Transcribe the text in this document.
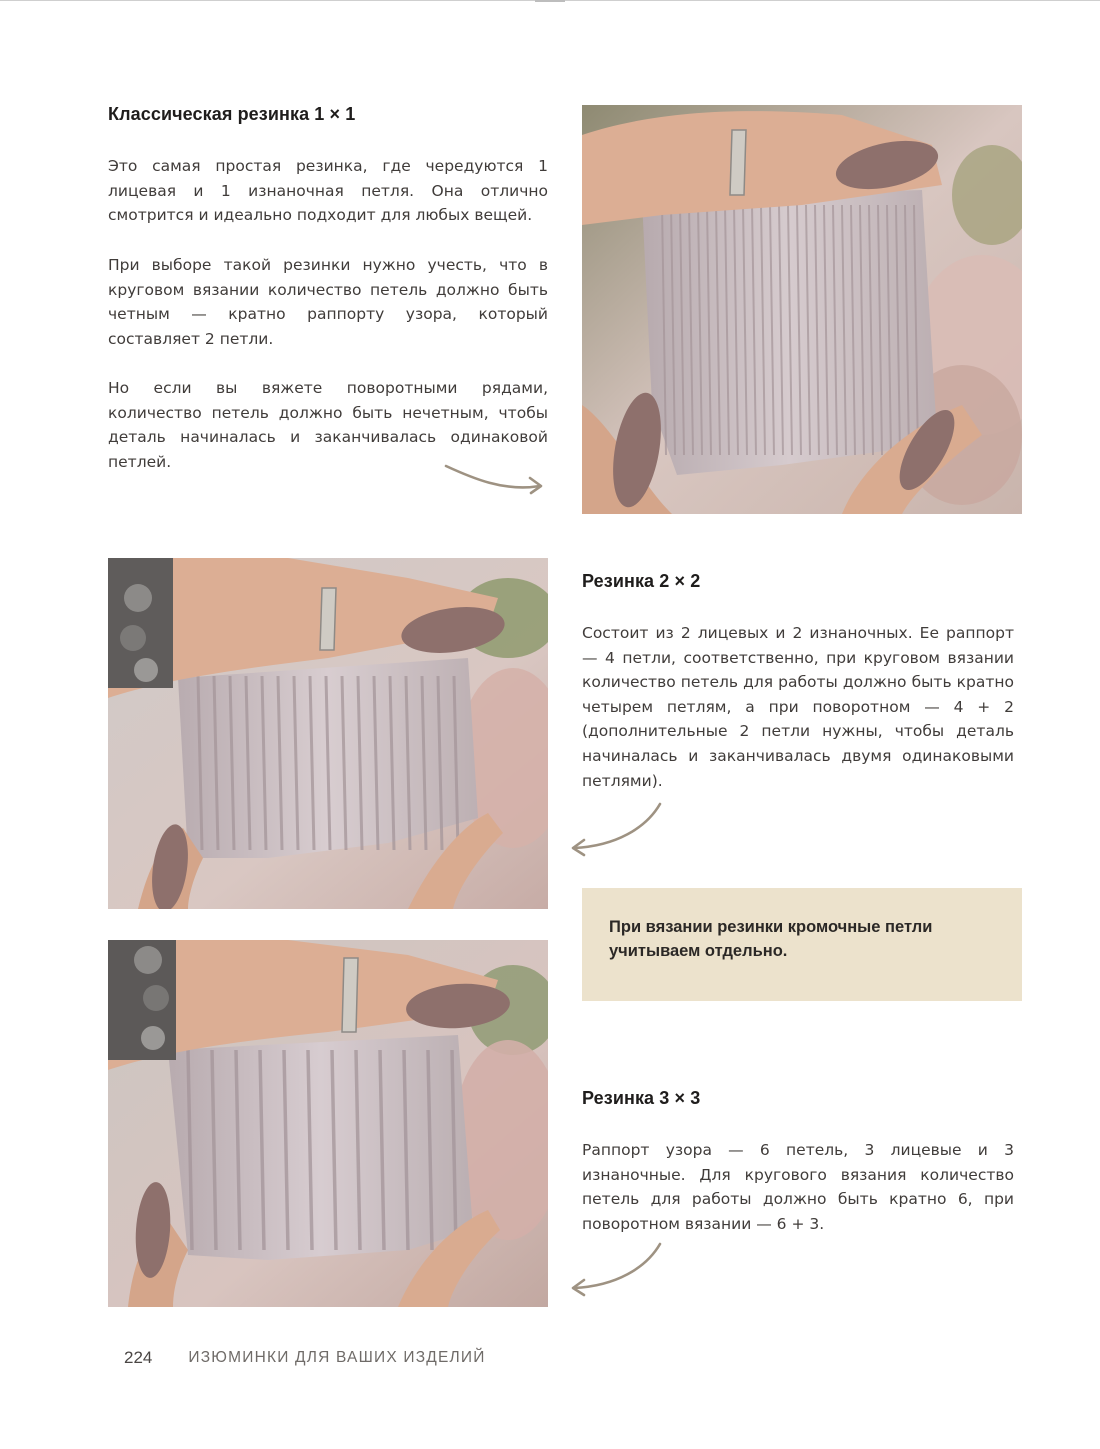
Классическая резинка 1 × 1

Это самая простая резинка, где чередуются 1 лицевая и 1 изнаночная петля. Она отлично смотрится и идеально подходит для любых вещей.

При выборе такой резинки нужно учесть, что в круговом вязании количество петель должно быть четным — кратно раппорту узора, который составляет 2 петли.

Но если вы вяжете поворотными рядами, количество петель должно быть нечетным, чтобы деталь начиналась и заканчивалась одинаковой петлей.

Резинка 2 × 2

Состоит из 2 лицевых и 2 изнаночных. Ее раппорт — 4 петли, соответственно, при круговом вязании количество петель для работы должно быть кратно четырем петлям, а при поворотном — 4 + 2 (дополнительные 2 петли нужны, чтобы деталь начиналась и заканчивалась двумя одинаковыми петлями).

При вязании резинки кромочные петли учитываем отдельно.

Резинка 3 × 3

Раппорт узора — 6 петель, 3 лицевые и 3 изнаночные. Для кругового вязания количество петель для работы должно быть кратно 6, при поворотном вязании — 6 + 3.

224 ИЗЮМИНКИ ДЛЯ ВАШИХ ИЗДЕЛИЙ
